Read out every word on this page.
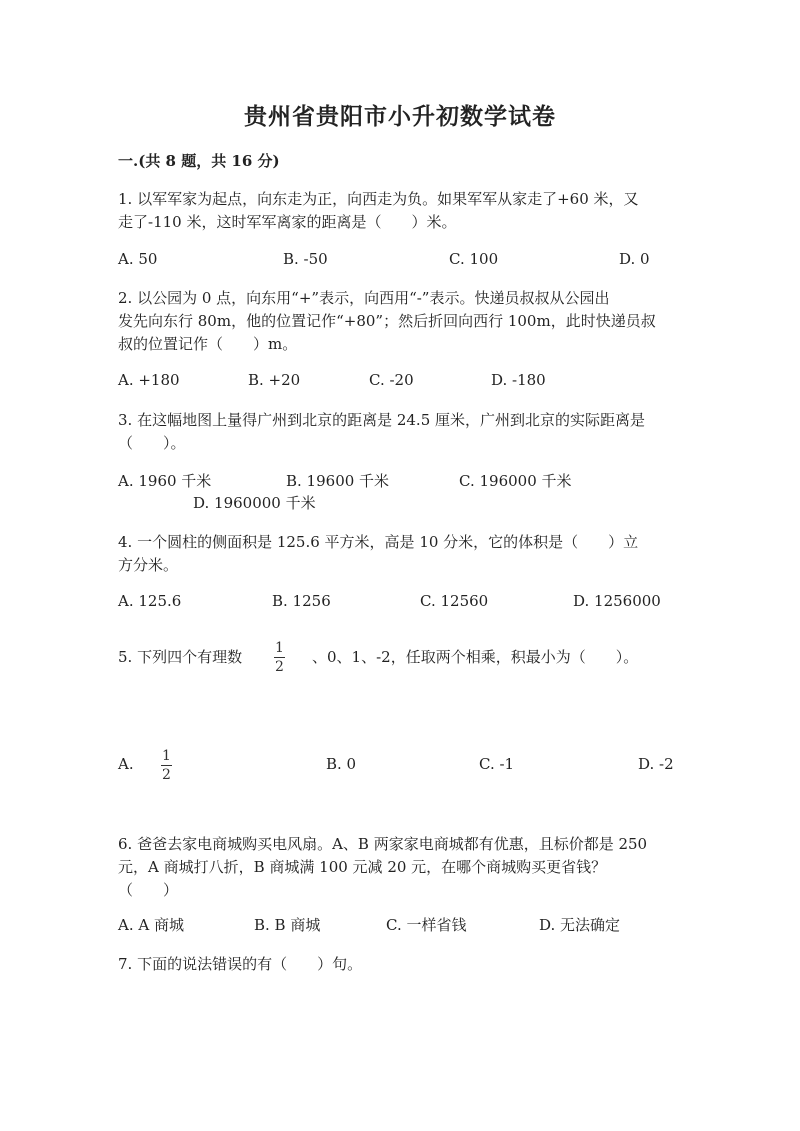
贵州省贵阳市小升初数学试卷
一.(共 8 题，共 16 分)
1. 以军军家为起点，向东走为正，向西走为负。如果军军从家走了+60 米，又
走了-110 米，这时军军离家的距离是（　　）米。
A. 50	B. -50	C. 100	D. 0
2. 以公园为 0 点，向东用“+”表示，向西用“-”表示。快递员叔叔从公园出
发先向东行 80m，他的位置记作“+80”；然后折回向西行 100m，此时快递员叔
叔的位置记作（　　）m。
A. +180	B. +20	C. -20	D. -180
3. 在这幅地图上量得广州到北京的距离是 24.5 厘米，广州到北京的实际距离是
（　　）。
A. 1960 千米	B. 19600 千米	C. 196000 千米
D. 1960000 千米
4. 一个圆柱的侧面积是 125.6 平方米，高是 10 分米，它的体积是（　　）立
方分米。
A. 125.6	B. 1256	C. 12560	D. 1256000
5. 下列四个有理数 1
2
、0、1、-2，任取两个相乘，积最小为（　　）。
A. 1
2
B. 0	C. -1	D. -2
6. 爸爸去家电商城购买电风扇。A、B 两家家电商城都有优惠，且标价都是 250
元，A 商城打八折，B 商城满 100 元减 20 元，在哪个商城购买更省钱？
（　　）
A. A 商城	B. B 商城	C. 一样省钱	D. 无法确定
7. 下面的说法错误的有（　　）句。
